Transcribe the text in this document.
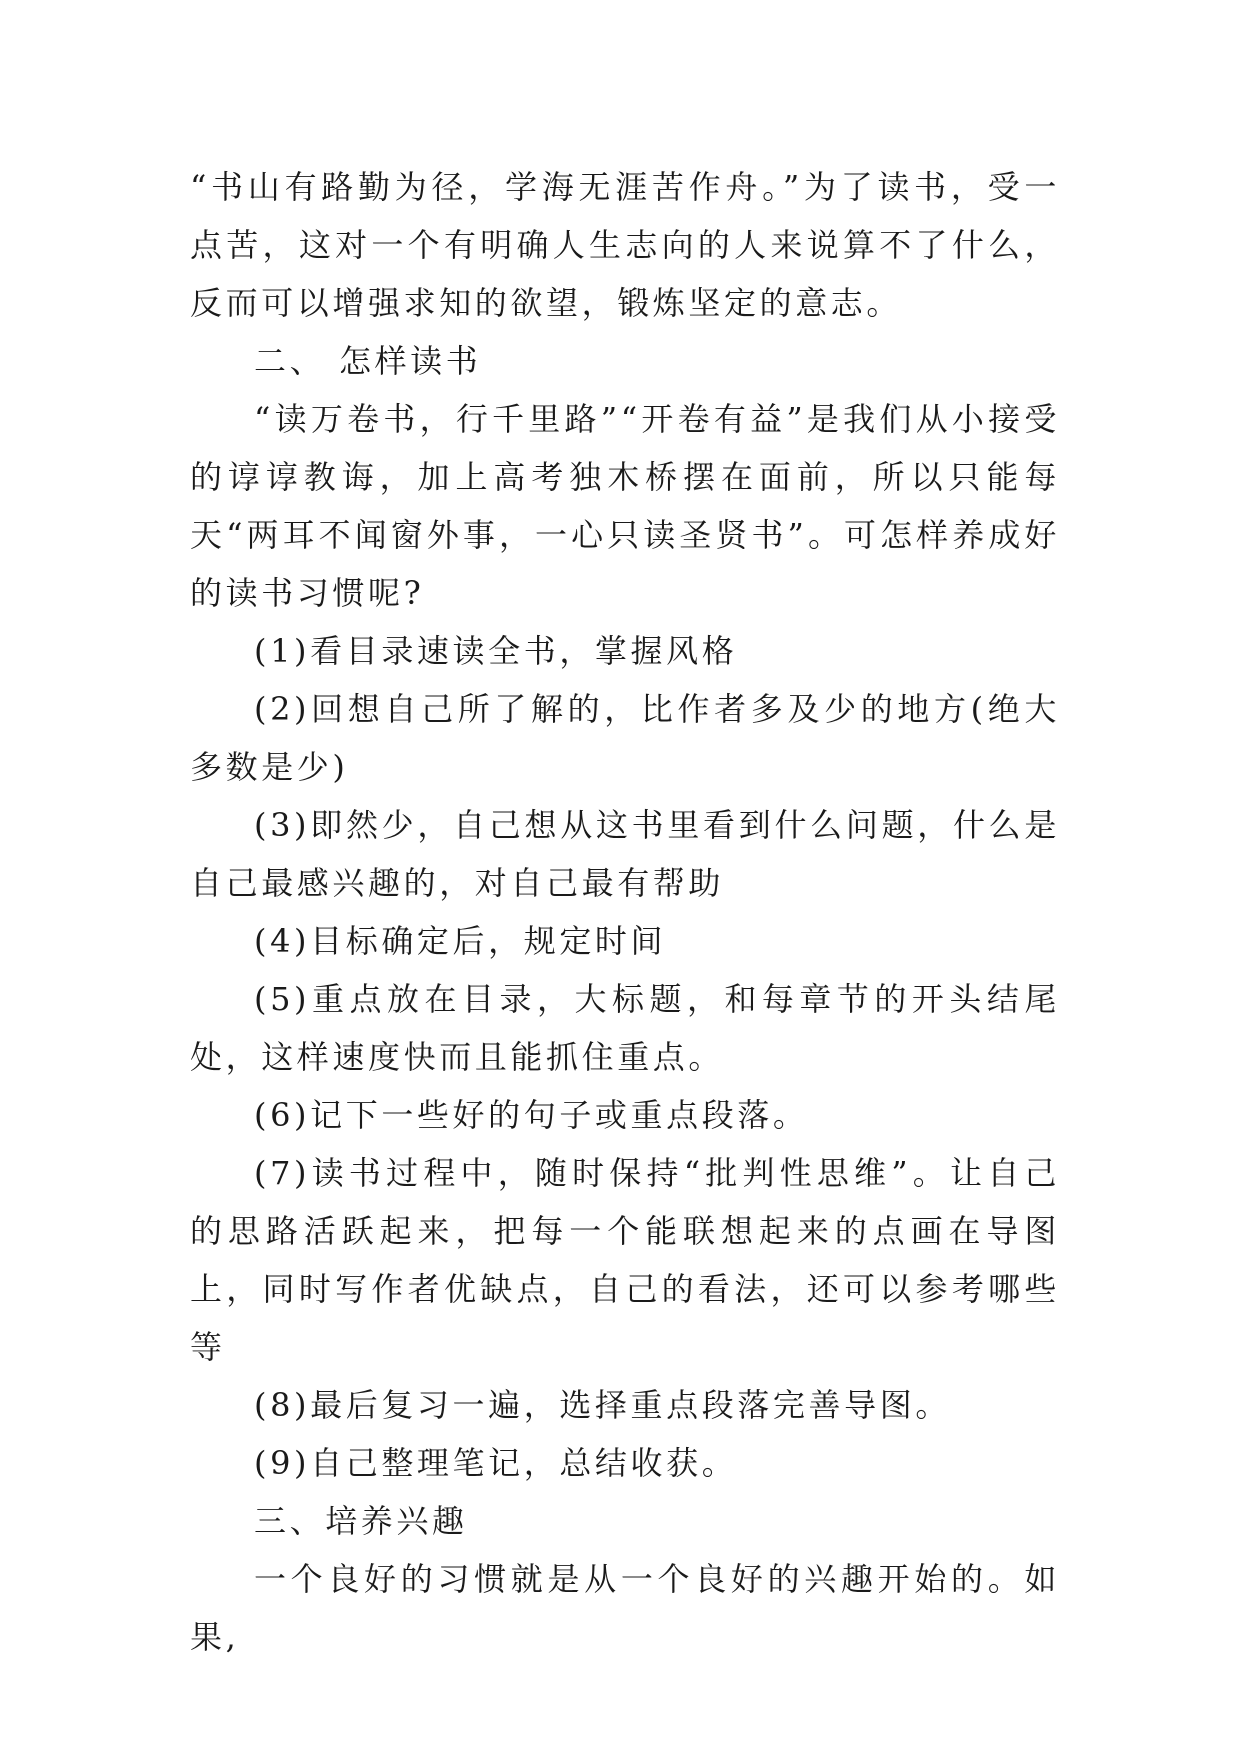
“书山有路勤为径，学海无涯苦作舟。”为了读书，受一点苦，这对一个有明确人生志向的人来说算不了什么，反而可以增强求知的欲望，锻炼坚定的意志。

二、 怎样读书

“读万卷书，行千里路”“开卷有益”是我们从小接受的谆谆教诲，加上高考独木桥摆在面前，所以只能每天“两耳不闻窗外事，一心只读圣贤书”。可怎样养成好的读书习惯呢?

(1)看目录速读全书，掌握风格

(2)回想自己所了解的，比作者多及少的地方(绝大多数是少)

(3)即然少，自己想从这书里看到什么问题，什么是自己最感兴趣的，对自己最有帮助

(4)目标确定后，规定时间

(5)重点放在目录，大标题，和每章节的开头结尾处，这样速度快而且能抓住重点。

(6)记下一些好的句子或重点段落。

(7)读书过程中，随时保持“批判性思维”。让自己的思路活跃起来，把每一个能联想起来的点画在导图上，同时写作者优缺点，自己的看法，还可以参考哪些等

(8)最后复习一遍，选择重点段落完善导图。

(9)自己整理笔记，总结收获。

三、培养兴趣

一个良好的习惯就是从一个良好的兴趣开始的。如果,
